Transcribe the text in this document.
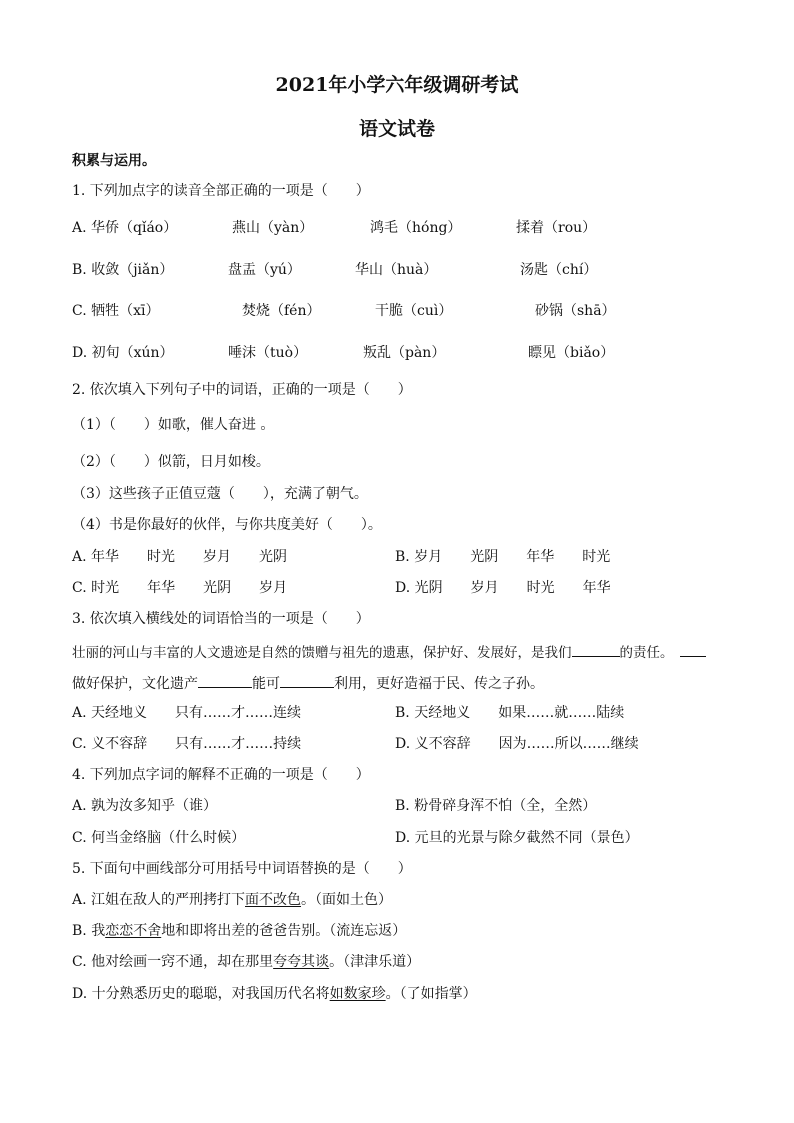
2021年小学六年级调研考试
语文试卷
积累与运用。
1. 下列加点字的读音全部正确的一项是（　　）
A. 华侨（qǐáo）	燕山（yàn）	鸿毛（hóng）	揉着（rou）
B. 收敛（jiǎn）	盘盂（yú）	华山（huà）	汤匙（chí）
C. 牺牲（xī）	焚烧（fén）	干脆（cuì）	砂锅（shā）
D. 初旬（xún）	唾沫（tuò）	叛乱（pàn）	瞟见（biǎo）
2. 依次填入下列句子中的词语，正确的一项是（　　）
（1）（　　）如歌，催人奋进 。
（2）（　　）似箭，日月如梭。
（3）这些孩子正值豆蔻（　　），充满了朝气。
（4）书是你最好的伙伴，与你共度美好（　　）。
A. 年华　　时光　　岁月　　光阴	B. 岁月　　光阴　　年华　　时光
C. 时光　　年华　　光阴　　岁月	D. 光阴　　岁月　　时光　　年华
3. 依次填入横线处的词语恰当的一项是（　　）
壮丽的河山与丰富的人文遗迹是自然的馈赠与祖先的遗惠，保护好、发展好，是我们	的责任。
做好保护，文化遗产	能可	利用，更好造福于民、传之子孙。
A. 天经地义　　只有……才……连续	B. 天经地义　　如果……就……陆续
C. 义不容辞　　只有……才……持续	D. 义不容辞　　因为……所以……继续
4. 下列加点字词的解释不正确的一项是（　　）
A. 孰为汝多知乎（谁）	B. 粉骨碎身浑不怕（全，全然）
C. 何当金络脑（什么时候）	D. 元旦的光景与除夕截然不同（景色）
5. 下面句中画线部分可用括号中词语替换的是（　　）
A. 江姐在敌人的严刑拷打下面不改色。（面如土色）
B. 我恋恋不舍地和即将出差的爸爸告别。（流连忘返）
C. 他对绘画一窍不通，却在那里夸夸其谈。（津津乐道）
D. 十分熟悉历史的聪聪，对我国历代名将如数家珍。（了如指掌）
